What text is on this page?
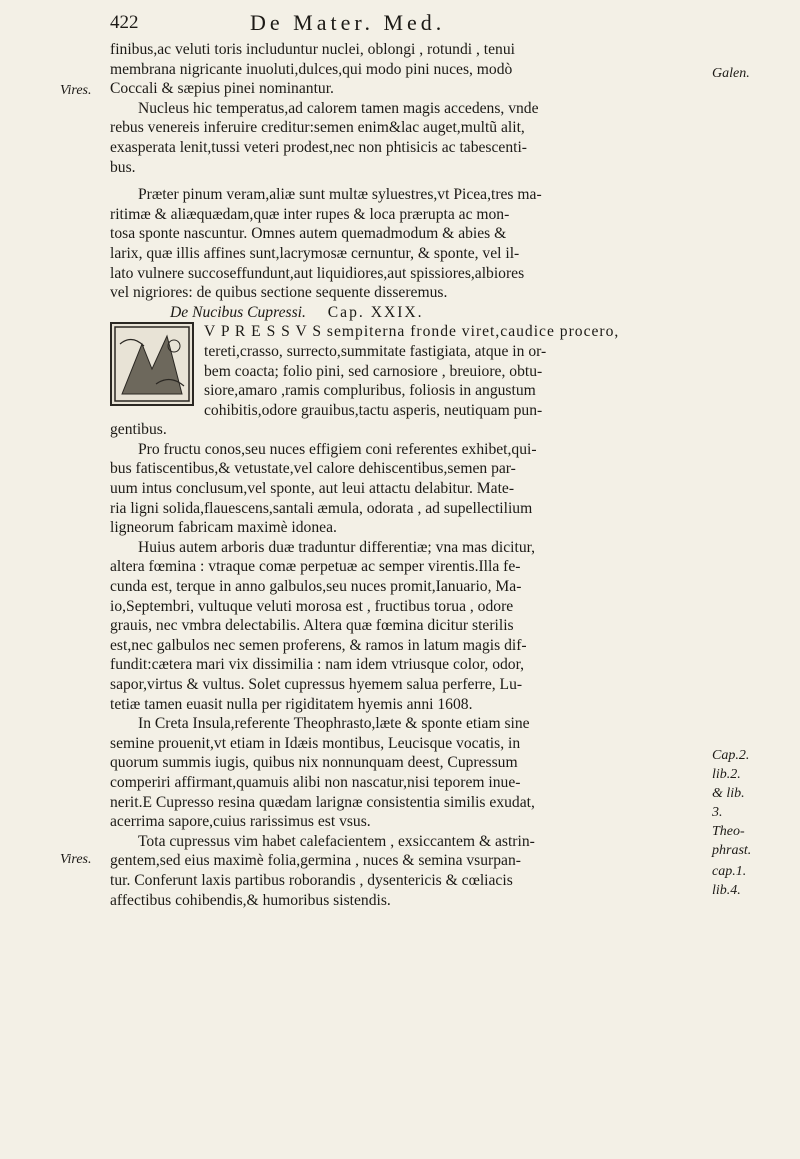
422	De Mater. Med.
Vires.
Vires.
Galen.
Cap.2.
lib.2.
& lib.
3.
Theo-
phrast.
cap.1.
lib.4.
finibus,ac veluti toris includuntur nuclei, oblongi , rotundi , tenui
membrana nigricante inuoluti,dulces,qui modo pini nuces, modò
Coccali & sæpius pinei nominantur.
Nucleus hic temperatus,ad calorem tamen magis accedens, vnde
rebus venereis inferuire creditur:semen enim&lac auget,multũ alit,
exasperata lenit,tussi veteri prodest,nec non phtisicis ac tabescenti-
bus.
Præter pinum veram,aliæ sunt multæ syluestres,vt Picea,tres ma-
ritimæ & aliæquædam,quæ inter rupes & loca prærupta ac mon-
tosa sponte nascuntur. Omnes autem quemadmodum & abies &
larix, quæ illis affines sunt,lacrymosæ cernuntur, & sponte, vel il-
lato vulnere succoseffundunt,aut liquidiores,aut spissiores,albiores
vel nigriores: de quibus sectione sequente disseremus.
De Nucibus Cupressi. Cap. XXIX.
V P R E S S V S sempiterna fronde viret,caudice procero,
tereti,crasso, surrecto,summitate fastigiata, atque in or-
bem coacta; folio pini, sed carnosiore , breuiore, obtu-
siore,amaro ,ramis compluribus, foliosis in angustum
cohibitis,odore grauibus,tactu asperis, neutiquam pun-
gentibus.
Pro fructu conos,seu nuces effigiem coni referentes exhibet,qui-
bus fatiscentibus,& vetustate,vel calore dehiscentibus,semen par-
uum intus conclusum,vel sponte, aut leui attactu delabitur. Mate-
ria ligni solida,flauescens,santali æmula, odorata , ad supellectilium
ligneorum fabricam maximè idonea.
Huius autem arboris duæ traduntur differentiæ; vna mas dicitur,
altera fœmina : vtraque comæ perpetuæ ac semper virentis.Illa fe-
cunda est, terque in anno galbulos,seu nuces promit,Ianuario, Ma-
io,Septembri, vultuque veluti morosa est , fructibus torua , odore
grauis, nec vmbra delectabilis. Altera quæ fœmina dicitur sterilis
est,nec galbulos nec semen proferens, & ramos in latum magis dif-
fundit:cætera mari vix dissimilia : nam idem vtriusque color, odor,
sapor,virtus & vultus. Solet cupressus hyemem salua perferre, Lu-
tetiæ tamen euasit nulla per rigiditatem hyemis anni 1608.
In Creta Insula,referente Theophrasto,læte & sponte etiam sine
semine prouenit,vt etiam in Idæis montibus, Leucisque vocatis, in
quorum summis iugis, quibus nix nonnunquam deest, Cupressum
comperiri affirmant,quamuis alibi non nascatur,nisi teporem inue-
nerit.E Cupresso resina quædam larignæ consistentia similis exudat,
acerrima sapore,cuius rarissimus est vsus.
Tota cupressus vim habet calefacientem , exsiccantem & astrin-
gentem,sed eius maximè folia,germina , nuces & semina vsurpan-
tur. Conferunt laxis partibus roborandis , dysentericis & cœliacis
affectibus cohibendis,& humoribus sistendis.
